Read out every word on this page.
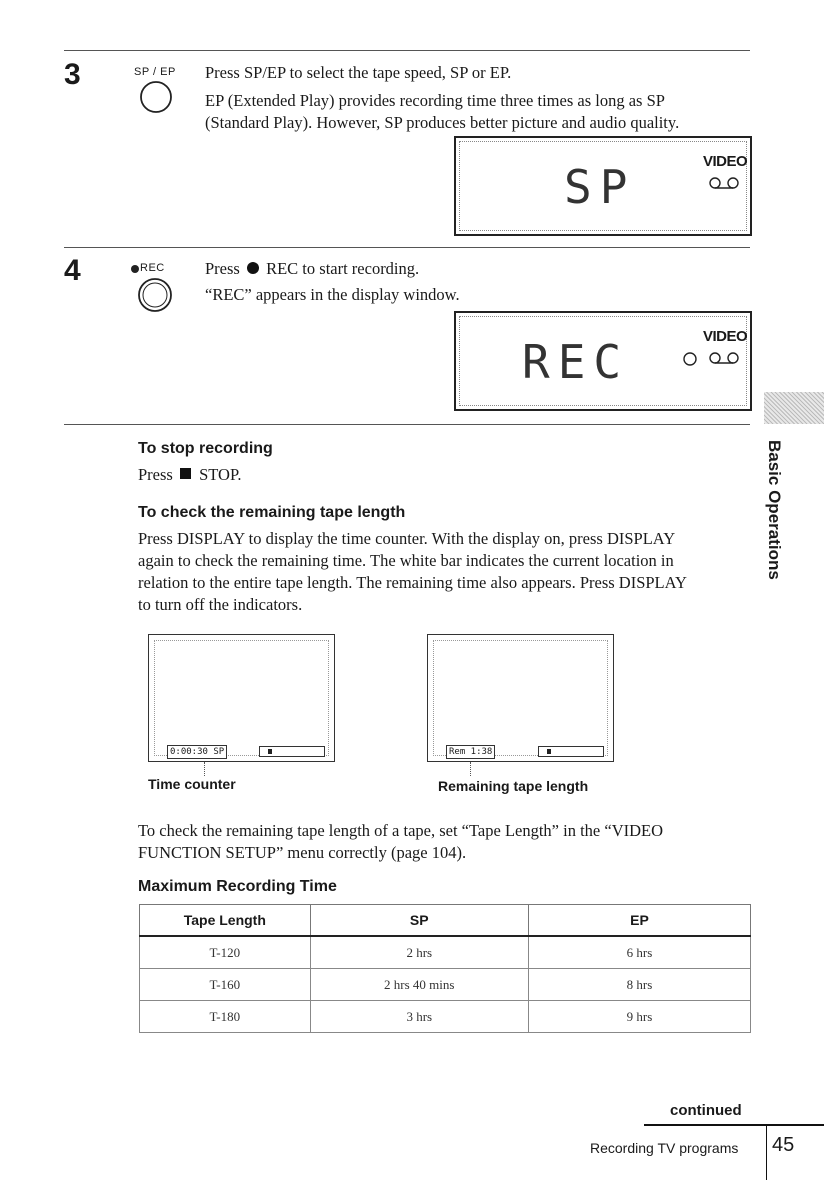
3	SP / EP Press SP/EP to select the tape speed, SP or EP.
EP (Extended Play) provides recording time three times as long as SP
(Standard Play). However, SP produces better picture and audio quality.
SP	VIDEO
4	REC Press REC to start recording.
“REC” appears in the display window.
REC	VIDEO
Basic Operations
To stop recording
Press STOP.
To check the remaining tape length
Press DISPLAY to display the time counter. With the display on, press DISPLAY
again to check the remaining time. The white bar indicates the current location in
relation to the entire tape length. The remaining time also appears. Press DISPLAY
to turn off the indicators.
0:00:30 SP
Time counter
Rem 1:38
Remaining tape length
To check the remaining tape length of a tape, set “Tape Length” in the “VIDEO
FUNCTION SETUP” menu correctly (page 104).
Maximum Recording Time
Tape Length	SP	EP
T-120	2 hrs	6 hrs
T-160	2 hrs 40 mins	8 hrs
T-180	3 hrs	9 hrs
continued
Recording TV programs 45
